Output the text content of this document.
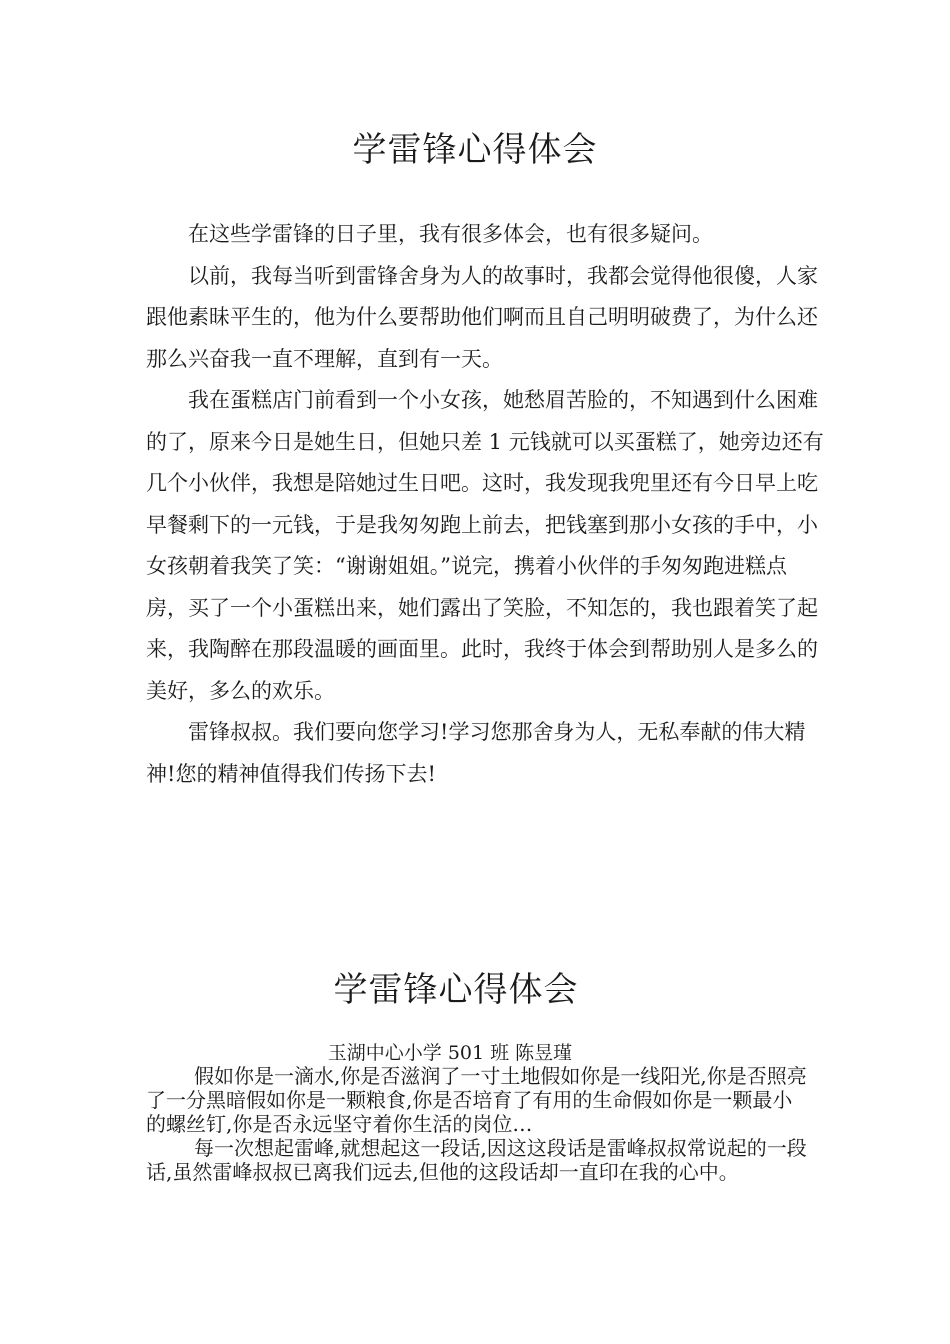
学雷锋心得体会

在这些学雷锋的日子里，我有很多体会，也有很多疑问。

以前，我每当听到雷锋舍身为人的故事时，我都会觉得他很傻，人家跟他素昧平生的，他为什么要帮助他们啊而且自己明明破费了，为什么还那么兴奋我一直不理解，直到有一天。

我在蛋糕店门前看到一个小女孩，她愁眉苦脸的，不知遇到什么困难的了，原来今日是她生日，但她只差 1 元钱就可以买蛋糕了，她旁边还有几个小伙伴，我想是陪她过生日吧。这时，我发现我兜里还有今日早上吃早餐剩下的一元钱，于是我匆匆跑上前去，把钱塞到那小女孩的手中，小女孩朝着我笑了笑：“谢谢姐姐。”说完，携着小伙伴的手匆匆跑进糕点房，买了一个小蛋糕出来，她们露出了笑脸，不知怎的，我也跟着笑了起来，我陶醉在那段温暖的画面里。此时，我终于体会到帮助别人是多么的美好，多么的欢乐。

雷锋叔叔。我们要向您学习!学习您那舍身为人，无私奉献的伟大精神!您的精神值得我们传扬下去!

学雷锋心得体会
玉湖中心小学 501 班 陈昱瑾

假如你是一滴水,你是否滋润了一寸土地假如你是一线阳光,你是否照亮了一分黑暗假如你是一颗粮食,你是否培育了有用的生命假如你是一颗最小的螺丝钉,你是否永远坚守着你生活的岗位…

每一次想起雷峰,就想起这一段话,因这这段话是雷峰叔叔常说起的一段话,虽然雷峰叔叔已离我们远去,但他的这段话却一直印在我的心中。
